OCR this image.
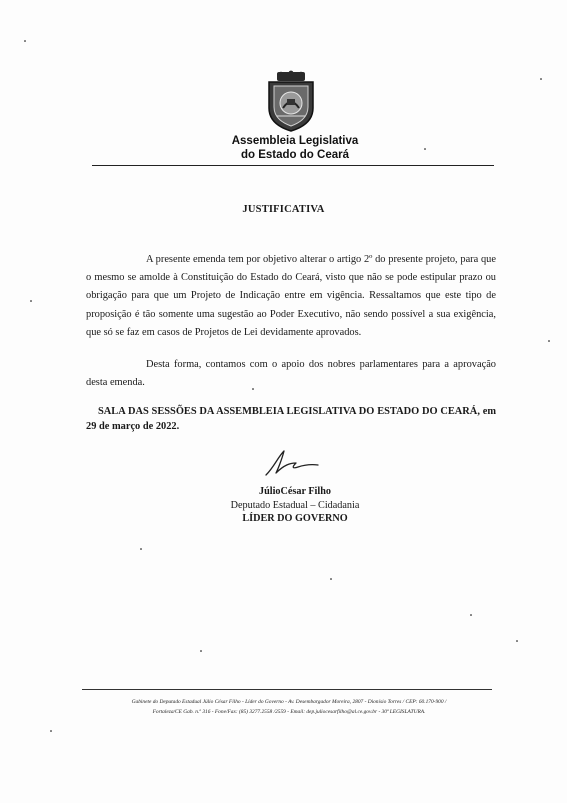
Assembleia Legislativa
do Estado do Ceará
JUSTIFICATIVA
A presente emenda tem por objetivo alterar o artigo 2º do presente projeto, para que o mesmo se amolde à Constituição do Estado do Ceará, visto que não se pode estipular prazo ou obrigação para que um Projeto de Indicação entre em vigência. Ressaltamos que este tipo de proposição é tão somente uma sugestão ao Poder Executivo, não sendo possível a sua exigência, que só se faz em casos de Projetos de Lei devidamente aprovados.
Desta forma, contamos com o apoio dos nobres parlamentares para a aprovação desta emenda.
SALA DAS SESSÕES DA ASSEMBLEIA LEGISLATIVA DO ESTADO DO CEARÁ, em 29 de março de 2022.
JúlioCésar Filho
Deputado Estadual – Cidadania
LÍDER DO GOVERNO
Gabinete do Deputado Estadual Júlio César Filho - Líder do Governo - Av. Desembargador Moreira, 2807 - Dionísio Torres / CEP: 60.170-900 /
Fortaleza/CE Gab. n.º 316 - Fone/Fax: (85) 3277.2558 /2559 - Email: dep.juliocesarfilho@al.ce.gov.br - 30ª LEGISLATURA.
